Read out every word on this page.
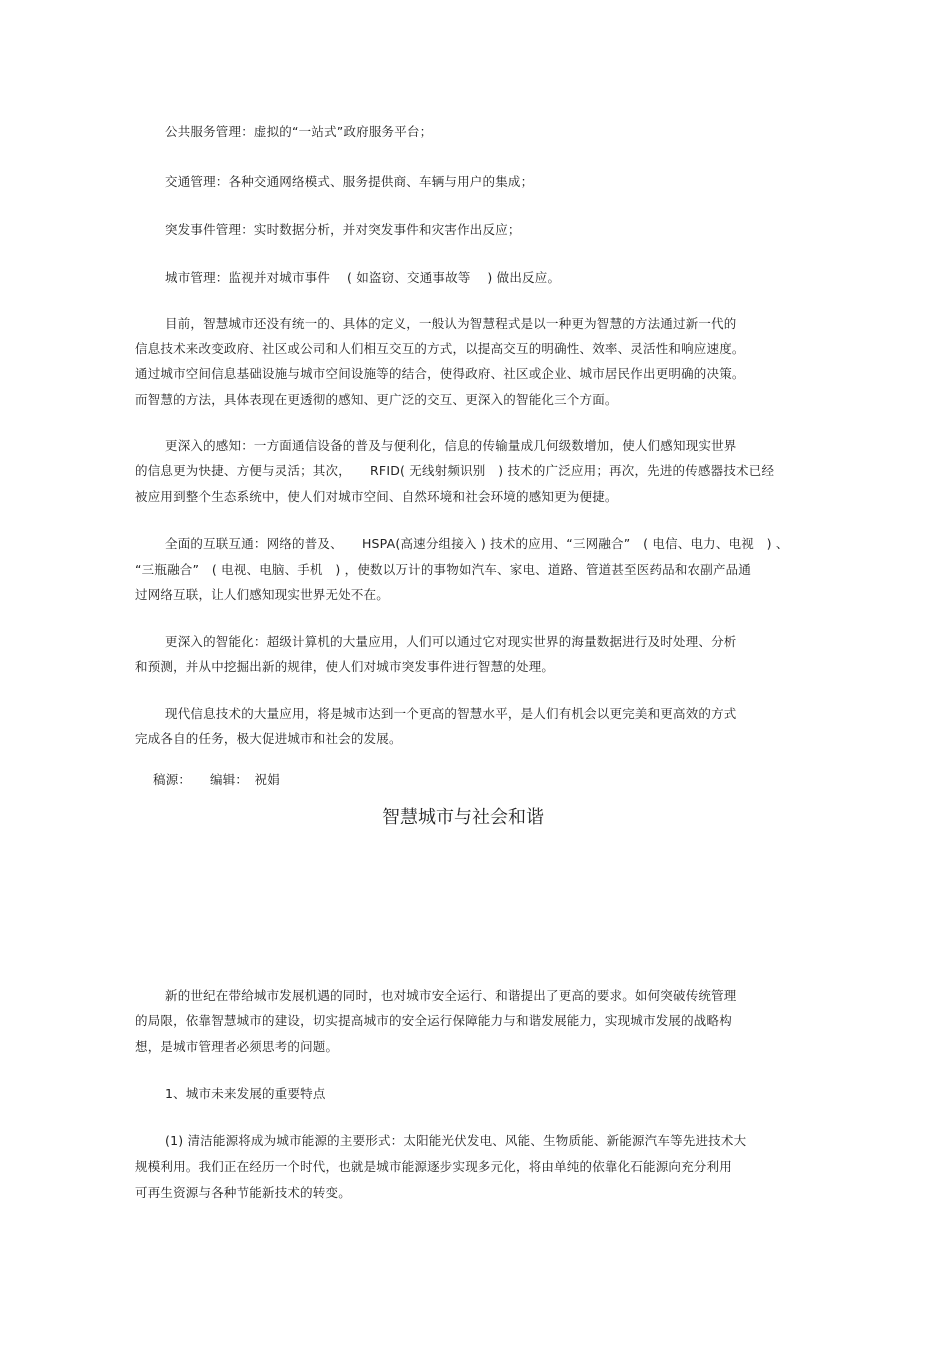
公共服务管理：虚拟的“一站式”政府服务平台；
交通管理：各种交通网络模式、服务提供商、车辆与用户的集成；
突发事件管理：实时数据分析，并对突发事件和灾害作出反应；
城市管理：监视并对城市事件　 ( 如盗窃、交通事故等　 ) 做出反应。
目前，智慧城市还没有统一的、具体的定义，一般认为智慧程式是以一种更为智慧的方法通过新一代的
信息技术来改变政府、社区或公司和人们相互交互的方式，以提高交互的明确性、效率、灵活性和响应速度。
通过城市空间信息基础设施与城市空间设施等的结合，使得政府、社区或企业、城市居民作出更明确的决策。
而智慧的方法，具体表现在更透彻的感知、更广泛的交互、更深入的智能化三个方面。
更深入的感知：一方面通信设备的普及与便利化，信息的传输量成几何级数增加，使人们感知现实世界
的信息更为快捷、方便与灵活；其次，　　RFID( 无线射频识别　) 技术的广泛应用；再次，先进的传感器技术已经
被应用到整个生态系统中，使人们对城市空间、自然环境和社会环境的感知更为便捷。
全面的互联互通：网络的普及、　　HSPA(高速分组接入 ) 技术的应用、“三网融合”　( 电信、电力、电视　) 、
“三瓶融合”　( 电视、电脑、手机　) ，使数以万计的事物如汽车、家电、道路、管道甚至医药品和农副产品通
过网络互联，让人们感知现实世界无处不在。
更深入的智能化：超级计算机的大量应用，人们可以通过它对现实世界的海量数据进行及时处理、分析
和预测，并从中挖掘出新的规律，使人们对城市突发事件进行智慧的处理。
现代信息技术的大量应用，将是城市达到一个更高的智慧水平，是人们有机会以更完美和更高效的方式
完成各自的任务，极大促进城市和社会的发展。
稿源： 编辑：　祝娟
智慧城市与社会和谐
新的世纪在带给城市发展机遇的同时，也对城市安全运行、和谐提出了更高的要求。如何突破传统管理
的局限，依靠智慧城市的建设，切实提高城市的安全运行保障能力与和谐发展能力，实现城市发展的战略构
想，是城市管理者必须思考的问题。
1、城市未来发展的重要特点
(1) 清洁能源将成为城市能源的主要形式：太阳能光伏发电、风能、生物质能、新能源汽车等先进技术大
规模利用。我们正在经历一个时代，也就是城市能源逐步实现多元化，将由单纯的依靠化石能源向充分利用
可再生资源与各种节能新技术的转变。
